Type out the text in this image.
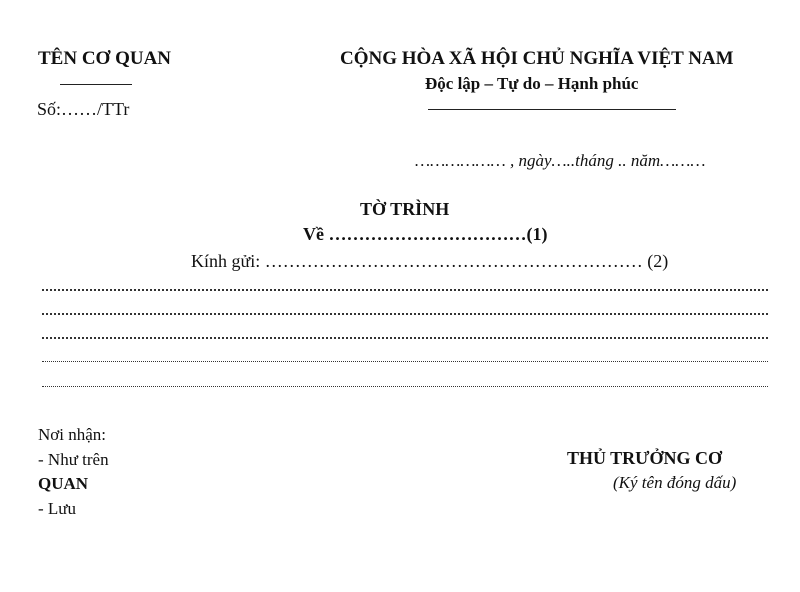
TÊN CƠ QUAN
Số:……/TTr
CỘNG HÒA XÃ HỘI CHỦ NGHĨA VIỆT NAM
Độc lập – Tự do – Hạnh phúc
……………… , ngày…..tháng .. năm………
TỜ TRÌNH
Về ……………………………(1)
Kính gửi: ……………………………………………………… (2)
Nơi nhận:
- Như trên
QUAN
- Lưu
THỦ TRƯỞNG CƠ
(Ký tên đóng dấu)
